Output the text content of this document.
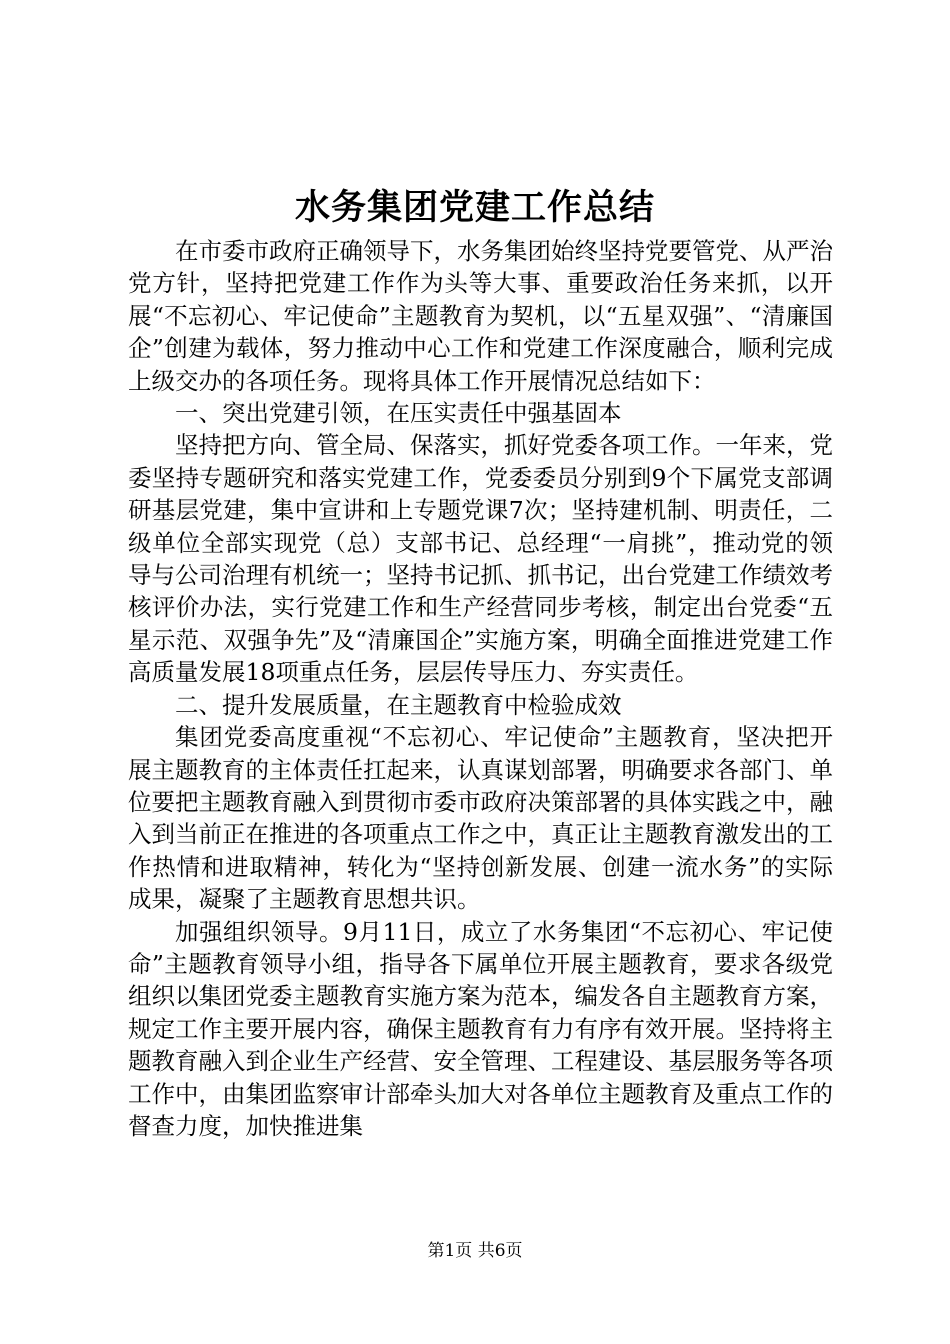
水务集团党建工作总结

在市委市政府正确领导下，水务集团始终坚持党要管党、从严治党方针，坚持把党建工作作为头等大事、重要政治任务来抓，以开展“不忘初心、牢记使命”主题教育为契机，以“五星双强”、“清廉国企”创建为载体，努力推动中心工作和党建工作深度融合，顺利完成上级交办的各项任务。现将具体工作开展情况总结如下：

一、突出党建引领，在压实责任中强基固本

坚持把方向、管全局、保落实，抓好党委各项工作。一年来，党委坚持专题研究和落实党建工作，党委委员分别到9个下属党支部调研基层党建，集中宣讲和上专题党课7次；坚持建机制、明责任，二级单位全部实现党（总）支部书记、总经理“一肩挑”，推动党的领导与公司治理有机统一；坚持书记抓、抓书记，出台党建工作绩效考核评价办法，实行党建工作和生产经营同步考核，制定出台党委“五星示范、双强争先”及“清廉国企”实施方案，明确全面推进党建工作高质量发展18项重点任务，层层传导压力、夯实责任。

二、提升发展质量，在主题教育中检验成效

集团党委高度重视“不忘初心、牢记使命”主题教育，坚决把开展主题教育的主体责任扛起来，认真谋划部署，明确要求各部门、单位要把主题教育融入到贯彻市委市政府决策部署的具体实践之中，融入到当前正在推进的各项重点工作之中，真正让主题教育激发出的工作热情和进取精神，转化为“坚持创新发展、创建一流水务”的实际成果，凝聚了主题教育思想共识。

加强组织领导。9月11日，成立了水务集团“不忘初心、牢记使命”主题教育领导小组，指导各下属单位开展主题教育，要求各级党组织以集团党委主题教育实施方案为范本，编发各自主题教育方案，规定工作主要开展内容，确保主题教育有力有序有效开展。坚持将主题教育融入到企业生产经营、安全管理、工程建设、基层服务等各项工作中，由集团监察审计部牵头加大对各单位主题教育及重点工作的督查力度，加快推进集

第1页 共6页
